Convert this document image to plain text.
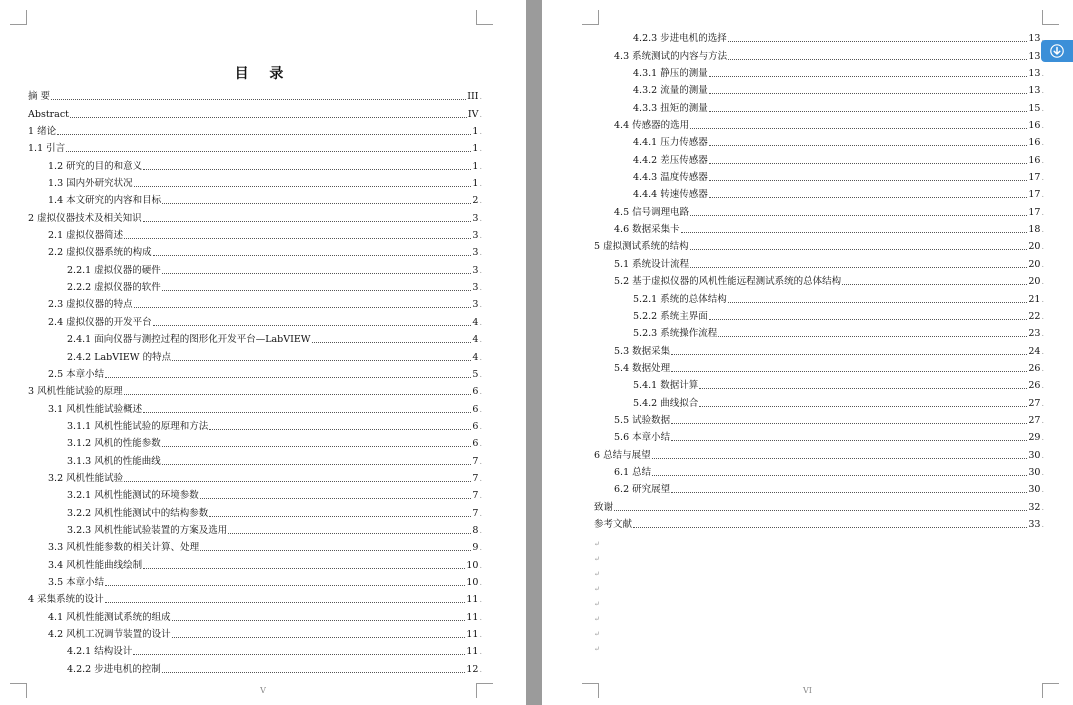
目 录
V	VI
摘 要	III .
Abstract	IV .
1 绪论	1 .
1.1 引言	1 .
1.2 研究的目的和意义	1 .
1.3 国内外研究状况	1 .
1.4 本文研究的内容和目标	2 .
2 虚拟仪器技术及相关知识	3 .
2.1 虚拟仪器简述	3 .
2.2 虚拟仪器系统的构成	3 .
2.2.1 虚拟仪器的硬件	3 .
2.2.2 虚拟仪器的软件	3 .
2.3 虚拟仪器的特点	3 .
2.4 虚拟仪器的开发平台	4 .
2.4.1 面向仪器与测控过程的图形化开发平台—LabVIEW	4 .
2.4.2 LabVIEW 的特点	4 .
2.5 本章小结	5 .
3 风机性能试验的原理	6 .
3.1 风机性能试验概述	6 .
3.1.1 风机性能试验的原理和方法	6 .
3.1.2 风机的性能参数	6 .
3.1.3 风机的性能曲线	7 .
3.2 风机性能试验	7 .
3.2.1 风机性能测试的环境参数	7 .
3.2.2 风机性能测试中的结构参数	7 .
3.2.3 风机性能试验装置的方案及选用	8 .
3.3 风机性能参数的相关计算、处理	9 .
3.4 风机性能曲线绘制	10 .
3.5 本章小结	10 .
4 采集系统的设计	11 .
4.1 风机性能测试系统的组成	11 .
4.2 风机工况调节装置的设计	11 .
4.2.1 结构设计	11 .
4.2.2 步进电机的控制	12 .
4.2.3 步进电机的选择	13 .
4.3 系统测试的内容与方法	13 .
4.3.1 静压的测量	13 .
4.3.2 流量的测量	13 .
4.3.3 扭矩的测量	15 .
4.4 传感器的选用	16 .
4.4.1 压力传感器	16 .
4.4.2 差压传感器	16 .
4.4.3 温度传感器	17 .
4.4.4 转速传感器	17 .
4.5 信号调理电路	17 .
4.6 数据采集卡	18 .
5 虚拟测试系统的结构	20 .
5.1 系统设计流程	20 .
5.2 基于虚拟仪器的风机性能远程测试系统的总体结构	20 .
5.2.1 系统的总体结构	21 .
5.2.2 系统主界面	22 .
5.2.3 系统操作流程	23 .
5.3 数据采集	24 .
5.4 数据处理	26 .
5.4.1 数据计算	26 .
5.4.2 曲线拟合	27 .
5.5 试验数据	27 .
5.6 本章小结	29 .
6 总结与展望	30 .
6.1 总结	30 .
6.2 研究展望	30 .
致谢	32 .
参考文献	33 .
↵
↵
↵
↵
↵
↵
↵
↵
